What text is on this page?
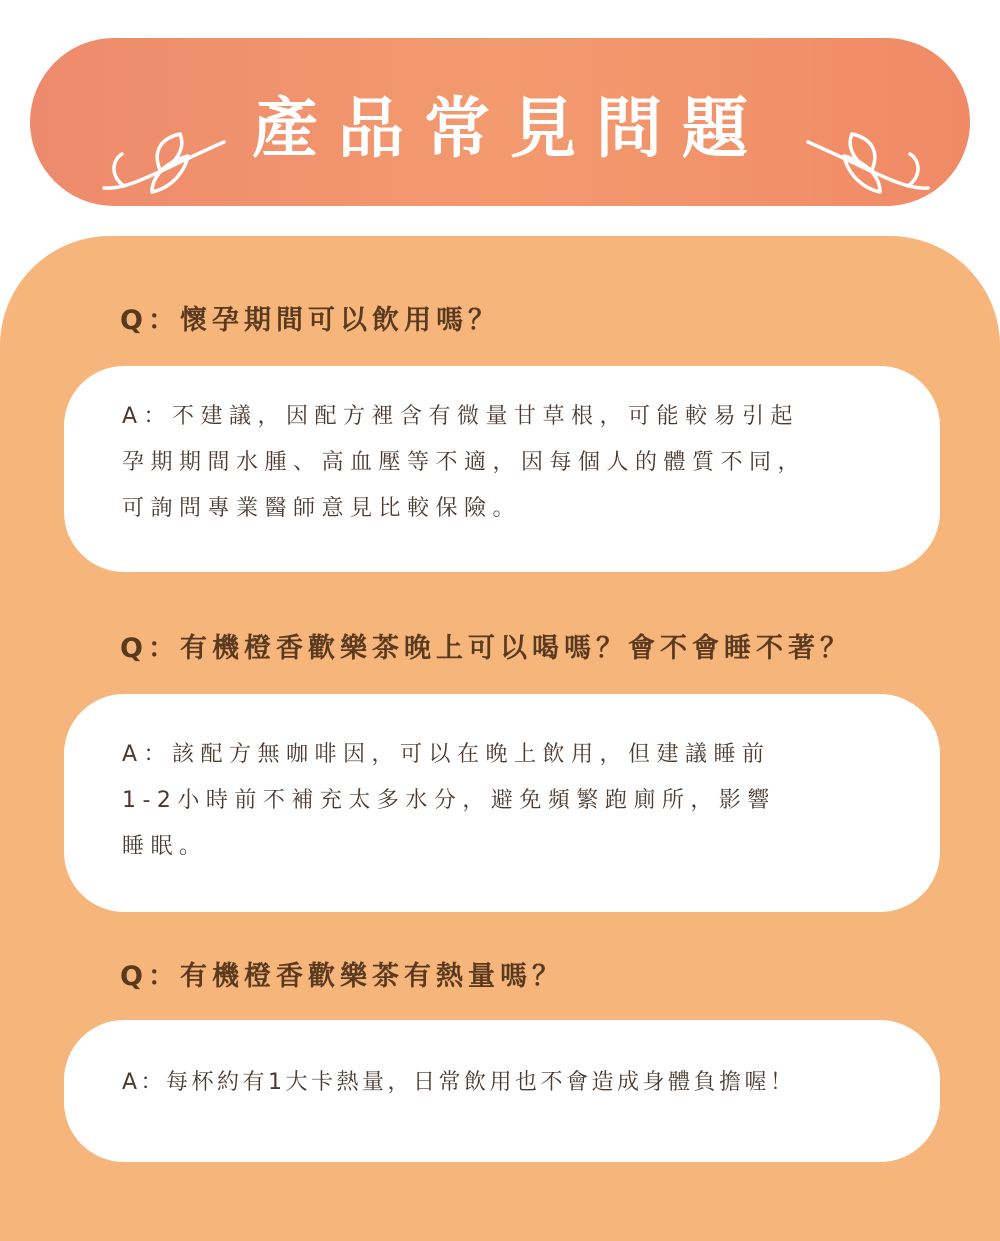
產品常見問題
Q：懷孕期間可以飲用嗎？
A：不建議，因配方裡含有微量甘草根，可能較易引起
孕期期間水腫、高血壓等不適，因每個人的體質不同，
可詢問專業醫師意見比較保險。
Q：有機橙香歡樂茶晚上可以喝嗎？會不會睡不著？
A：該配方無咖啡因，可以在晚上飲用，但建議睡前
1-2小時前不補充太多水分，避免頻繁跑廁所，影響
睡眠。
Q：有機橙香歡樂茶有熱量嗎？
A：每杯約有1大卡熱量，日常飲用也不會造成身體負擔喔！
